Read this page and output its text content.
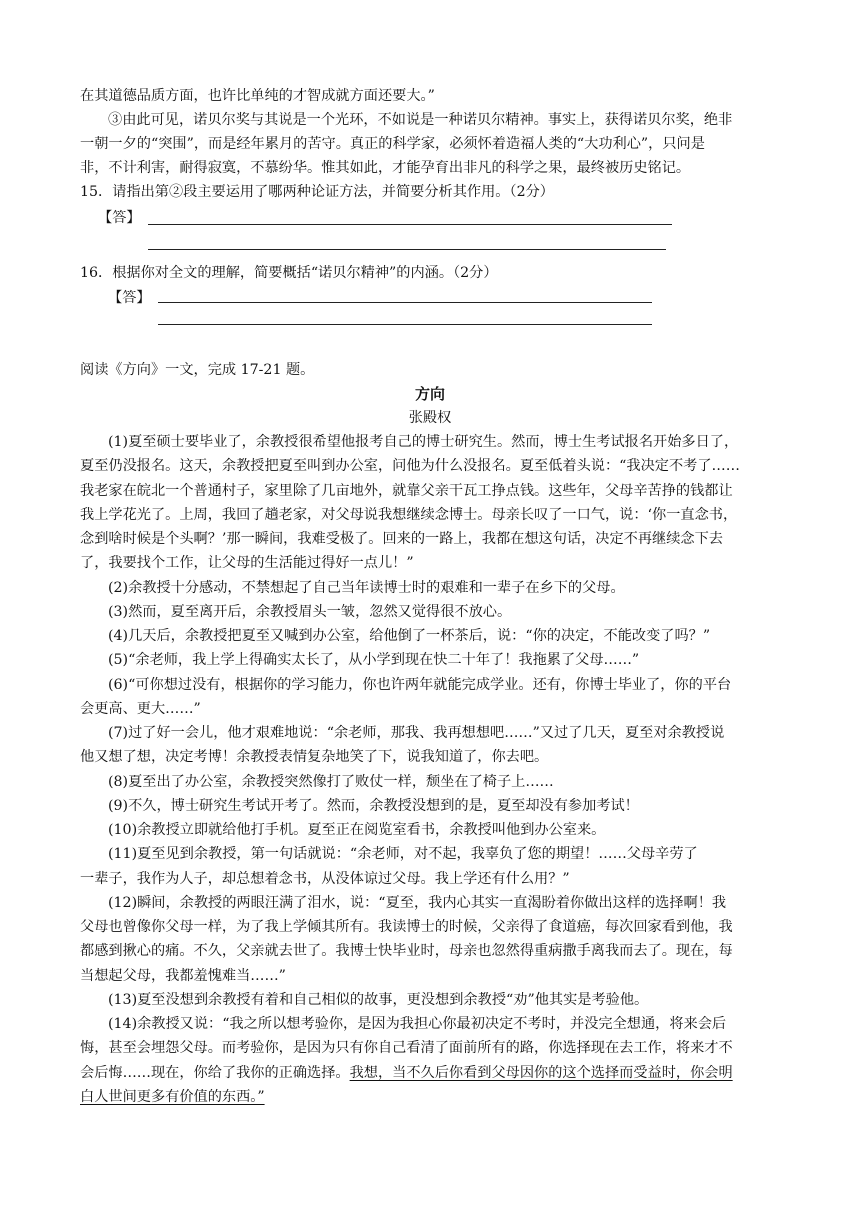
在其道德品质方面，也许比单纯的才智成就方面还要大。”
③由此可见，诺贝尔奖与其说是一个光环，不如说是一种诺贝尔精神。事实上，获得诺贝尔奖，绝非
一朝一夕的“突围”，而是经年累月的苦守。真正的科学家，必须怀着造福人类的“大功利心”，只问是
非，不计利害，耐得寂寞，不慕纷华。惟其如此，才能孕育出非凡的科学之果，最终被历史铭记。
15．请指出第②段主要运用了哪两种论证方法，并简要分析其作用。（2分）
【答】
16．根据你对全文的理解，简要概括“诺贝尔精神”的内涵。（2分）
【答】
阅读《方向》一文，完成 17-21 题。
方向
张殿权
(1)夏至硕士要毕业了，余教授很希望他报考自己的博士研究生。然而，博士生考试报名开始多日了，
夏至仍没报名。这天，余教授把夏至叫到办公室，问他为什么没报名。夏至低着头说：“我决定不考了……
我老家在皖北一个普通村子，家里除了几亩地外，就靠父亲干瓦工挣点钱。这些年，父母辛苦挣的钱都让
我上学花光了。上周，我回了趟老家，对父母说我想继续念博士。母亲长叹了一口气，说：‘你一直念书，
念到啥时候是个头啊？’那一瞬间，我难受极了。回来的一路上，我都在想这句话，决定不再继续念下去
了，我要找个工作，让父母的生活能过得好一点儿！”
(2)余教授十分感动，不禁想起了自己当年读博士时的艰难和一辈子在乡下的父母。
(3)然而，夏至离开后，余教授眉头一皱，忽然又觉得很不放心。
(4)几天后，余教授把夏至又喊到办公室，给他倒了一杯茶后，说：“你的决定，不能改变了吗？”
(5)“余老师，我上学上得确实太长了，从小学到现在快二十年了！我拖累了父母……”
(6)“可你想过没有，根据你的学习能力，你也许两年就能完成学业。还有，你博士毕业了，你的平台
会更高、更大……”
(7)过了好一会儿，他才艰难地说：“余老师，那我、我再想想吧……”又过了几天，夏至对余教授说
他又想了想，决定考博！余教授表情复杂地笑了下，说我知道了，你去吧。
(8)夏至出了办公室，余教授突然像打了败仗一样，颓坐在了椅子上……
(9)不久，博士研究生考试开考了。然而，余教授没想到的是，夏至却没有参加考试！
(10)余教授立即就给他打手机。夏至正在阅览室看书，余教授叫他到办公室来。
(11)夏至见到余教授，第一句话就说：“余老师，对不起，我辜负了您的期望！……父母辛劳了
一辈子，我作为人子，却总想着念书，从没体谅过父母。我上学还有什么用？”
(12)瞬间，余教授的两眼汪满了泪水，说：“夏至，我内心其实一直渴盼着你做出这样的选择啊！我
父母也曾像你父母一样，为了我上学倾其所有。我读博士的时候，父亲得了食道癌，每次回家看到他，我
都感到揪心的痛。不久，父亲就去世了。我博士快毕业时，母亲也忽然得重病撒手离我而去了。现在，每
当想起父母，我都羞愧难当……”
(13)夏至没想到余教授有着和自己相似的故事，更没想到余教授“劝”他其实是考验他。
(14)余教授又说：“我之所以想考验你，是因为我担心你最初决定不考时，并没完全想通，将来会后
悔，甚至会埋怨父母。而考验你，是因为只有你自己看清了面前所有的路，你选择现在去工作，将来才不
会后悔……现在，你给了我你的正确选择。我想，当不久后你看到父母因你的这个选择而受益时，你会明
白人世间更多有价值的东西。”
